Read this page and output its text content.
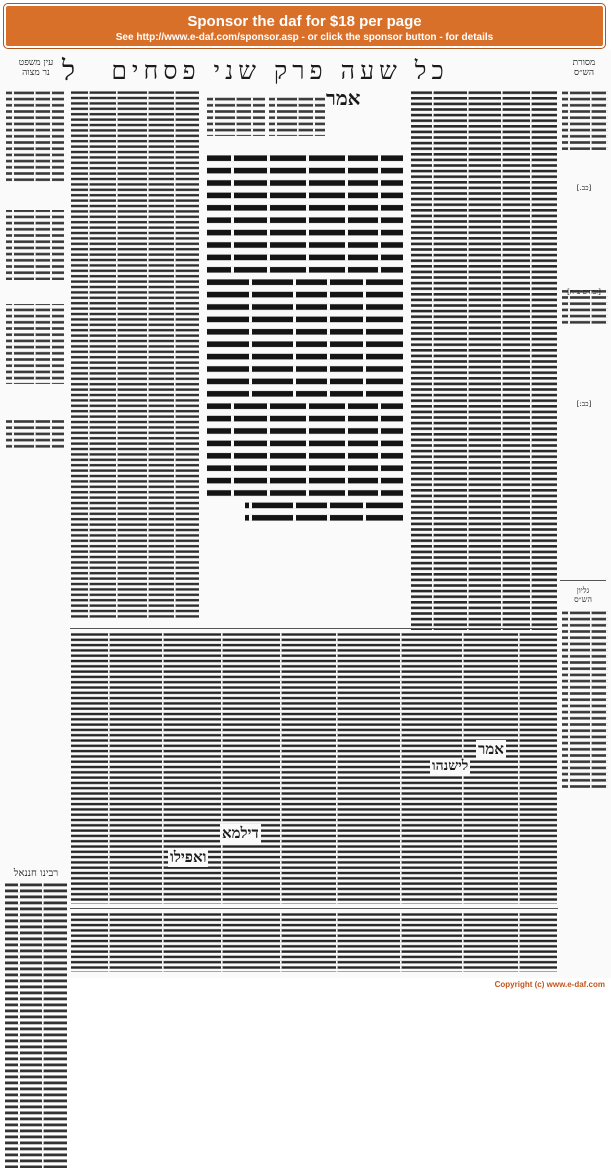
Sponsor the daf for $18 per page
See http://www.e-daf.com/sponsor.asp - or click the sponsor button - for details
מסורת
הש״ס
עין משפט
נר מצוה	כל שעה פרק שני פסחים
ל
רבינו חננאל
אמר
[כב.]
[זבחים צ״ה]
[כב:]
גליון
הש״ס
אמר
לישנהו
דילמא
ואפילו
Copyright (c) www.e-daf.com
